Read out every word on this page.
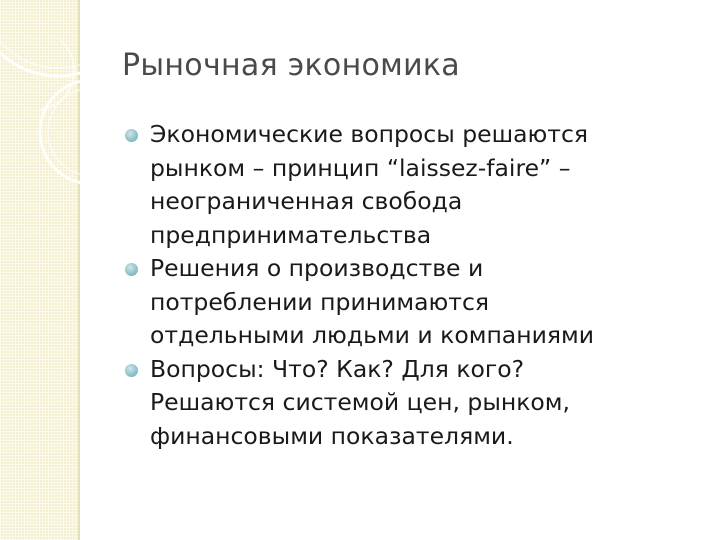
Рыночная экономика
Экономические вопросы решаются
рынком – принцип “laissez-faire” –
неограниченная свобода
предпринимательства
Решения о производстве и
потреблении принимаются
отдельными людьми и компаниями
Вопросы: Что? Как? Для кого?
Решаются системой цен, рынком,
финансовыми показателями.
